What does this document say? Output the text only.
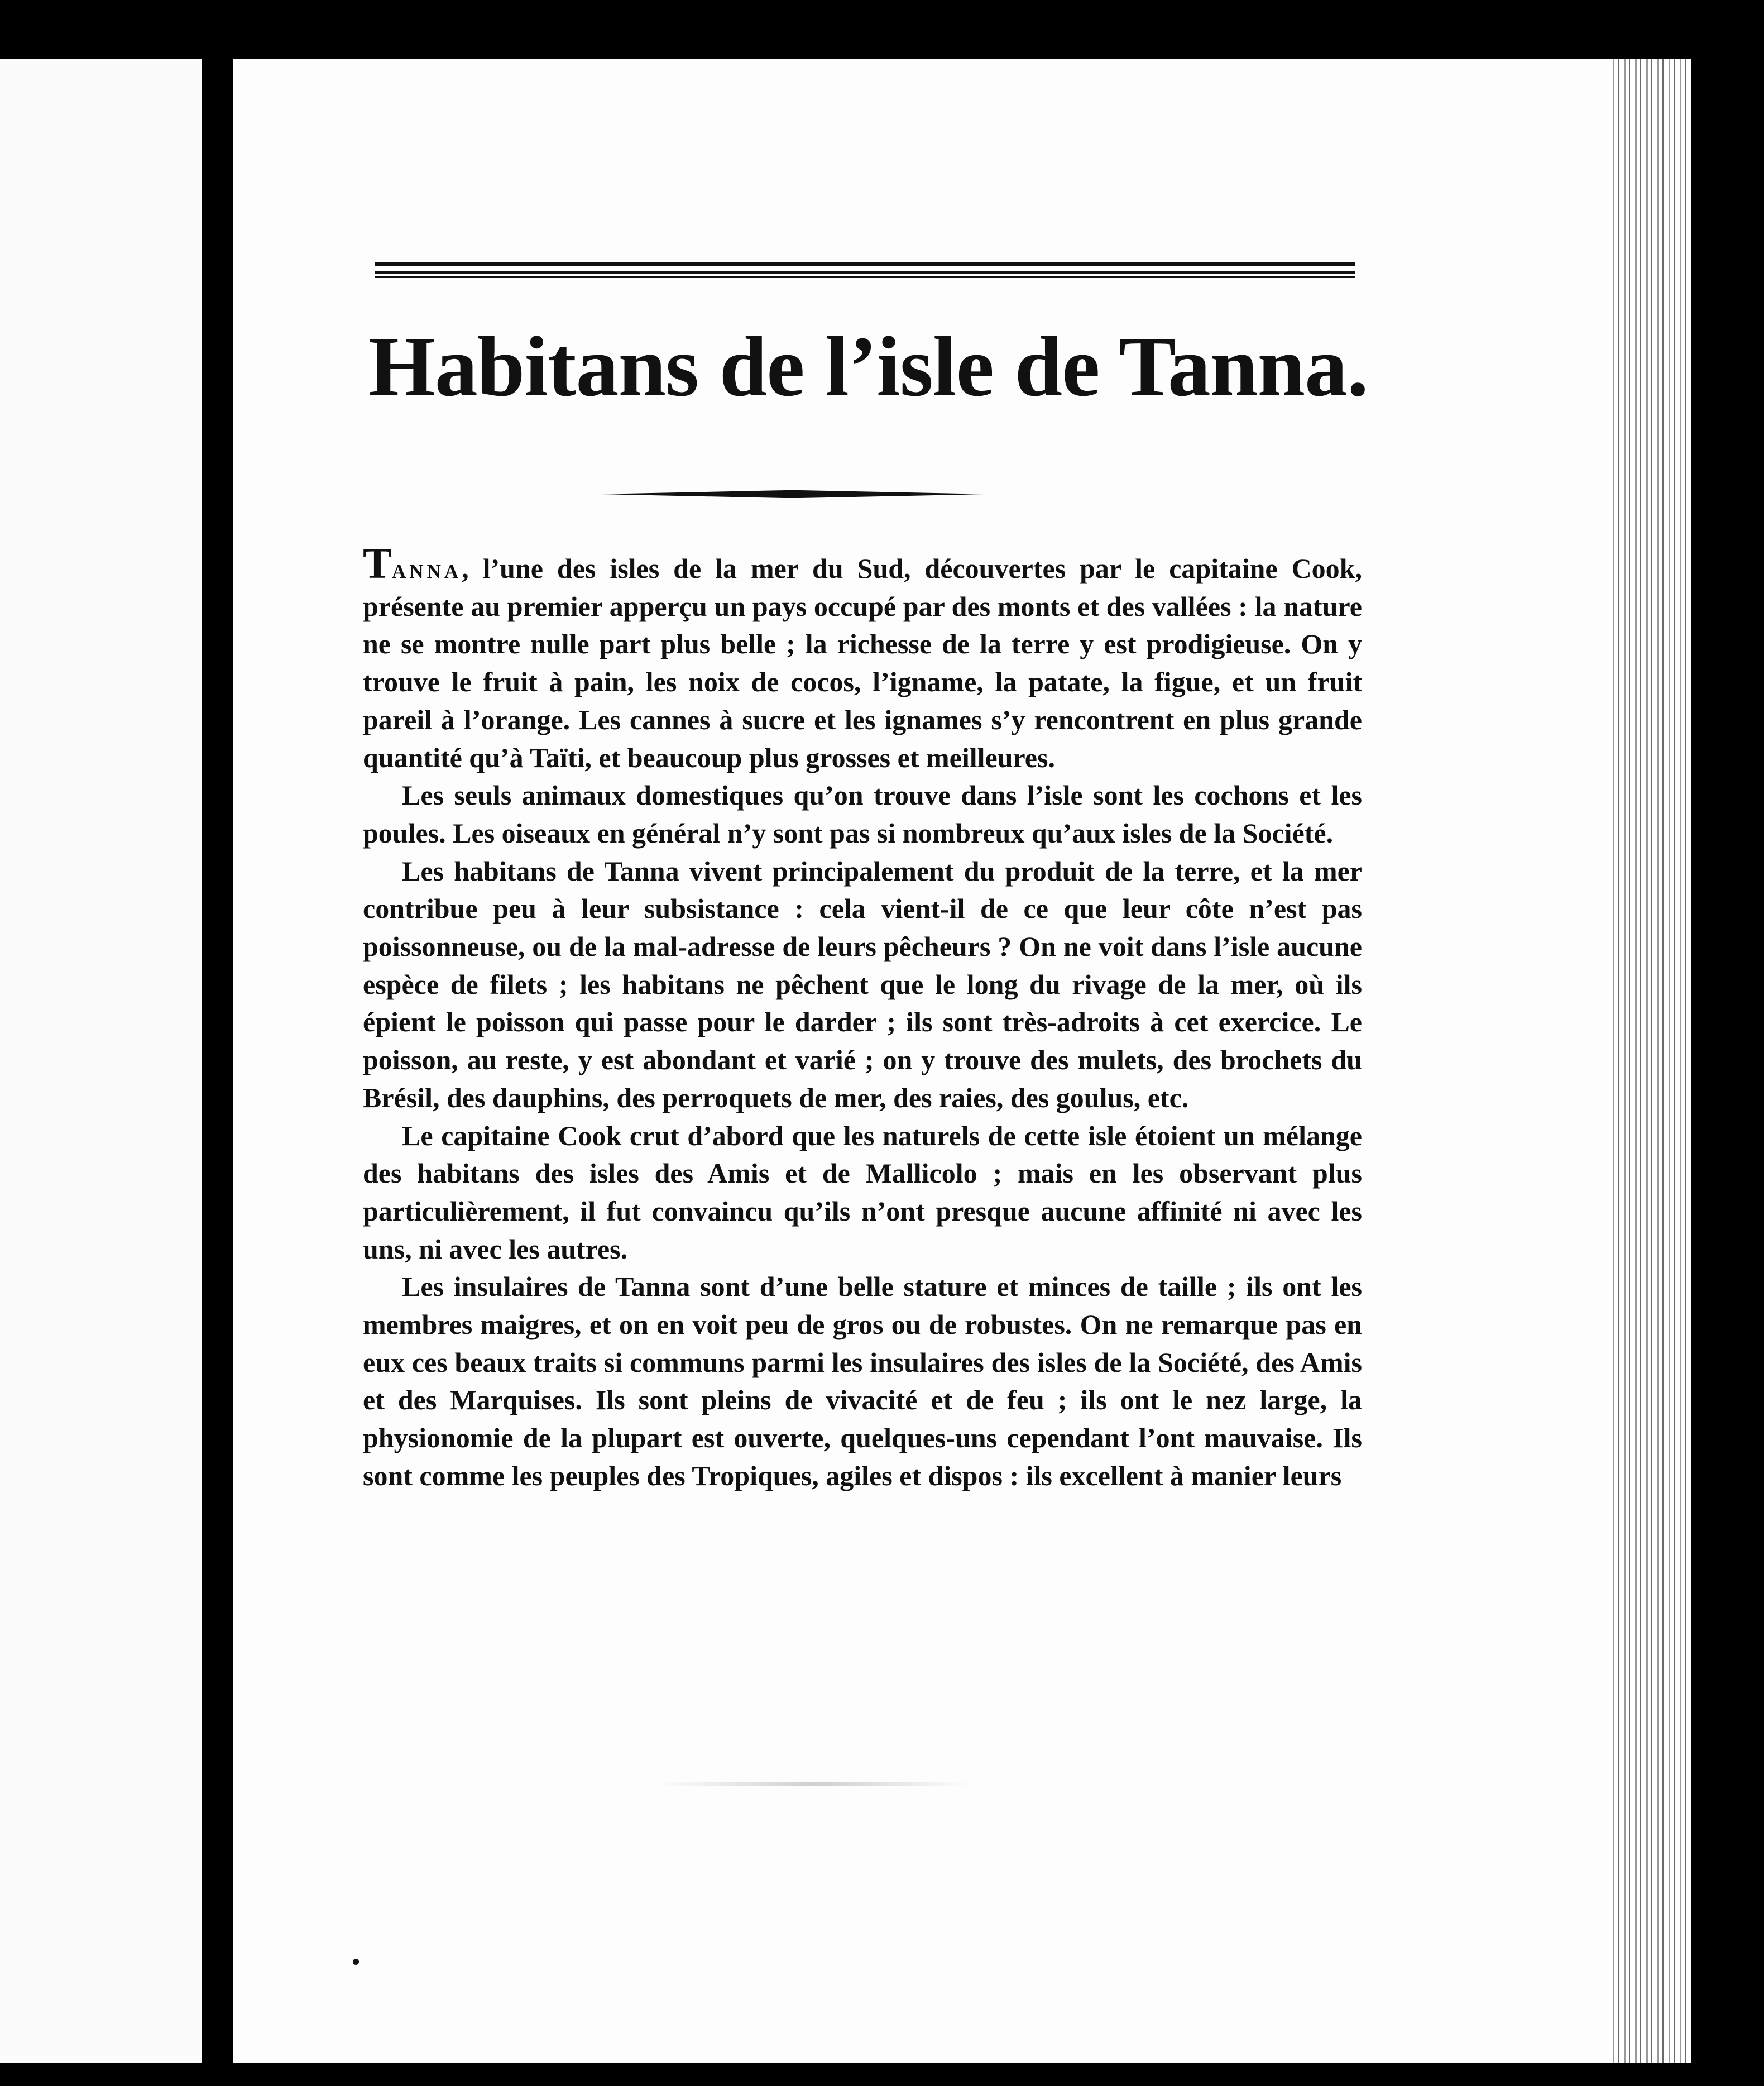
Habitans de l’isle de Tanna.

Tanna, l’une des isles de la mer du Sud, découvertes par le capitaine Cook, présente au premier apperçu un pays occupé par des monts et des vallées : la nature ne se montre nulle part plus belle ; la richesse de la terre y est prodigieuse. On y trouve le fruit à pain, les noix de cocos, l’igname, la patate, la figue, et un fruit pareil à l’orange. Les cannes à sucre et les ignames s’y rencontrent en plus grande quantité qu’à Taïti, et beaucoup plus grosses et meilleures.

Les seuls animaux domestiques qu’on trouve dans l’isle sont les cochons et les poules. Les oiseaux en général n’y sont pas si nombreux qu’aux isles de la Société.

Les habitans de Tanna vivent principalement du produit de la terre, et la mer contribue peu à leur subsistance : cela vient-il de ce que leur côte n’est pas poissonneuse, ou de la mal-adresse de leurs pêcheurs ? On ne voit dans l’isle aucune espèce de filets ; les habitans ne pêchent que le long du rivage de la mer, où ils épient le poisson qui passe pour le darder ; ils sont très-adroits à cet exercice. Le poisson, au reste, y est abondant et varié ; on y trouve des mulets, des brochets du Brésil, des dauphins, des perroquets de mer, des raies, des goulus, etc.

Le capitaine Cook crut d’abord que les naturels de cette isle étoient un mélange des habitans des isles des Amis et de Mallicolo ; mais en les observant plus particulièrement, il fut convaincu qu’ils n’ont presque aucune affinité ni avec les uns, ni avec les autres.

Les insulaires de Tanna sont d’une belle stature et minces de taille ; ils ont les membres maigres, et on en voit peu de gros ou de robustes. On ne remarque pas en eux ces beaux traits si communs parmi les insulaires des isles de la Société, des Amis et des Marquises. Ils sont pleins de vivacité et de feu ; ils ont le nez large, la physionomie de la plupart est ouverte, quelques-uns cependant l’ont mauvaise. Ils sont comme les peuples des Tropiques, agiles et dispos : ils excellent à manier leurs
